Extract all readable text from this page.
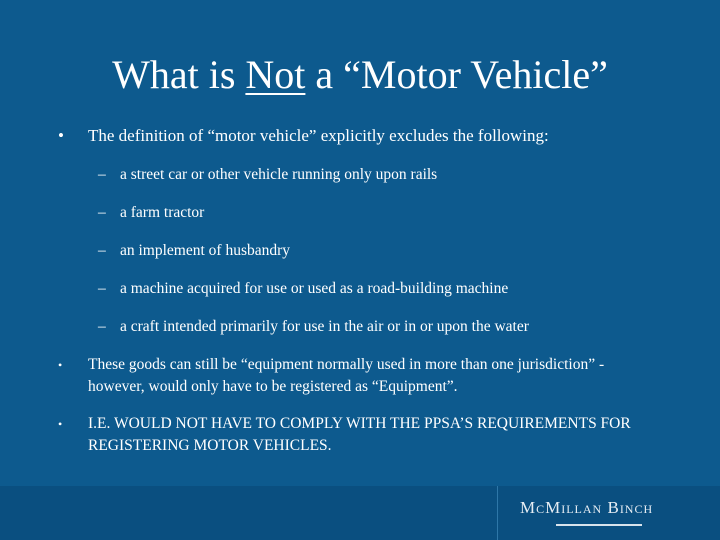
What is Not a “Motor Vehicle”
• The definition of “motor vehicle” explicitly excludes the following:
– a street car or other vehicle running only upon rails
– a farm tractor
– an implement of husbandry
– a machine acquired for use or used as a road-building machine
– a craft intended primarily for use in the air or in or upon the water
• These goods can still be “equipment normally used in more than one jurisdiction” - however, would only have to be registered as “Equipment”.
• I.E. WOULD NOT HAVE TO COMPLY WITH THE PPSA’S REQUIREMENTS FOR REGISTERING MOTOR VEHICLES.
McMillan Binch
